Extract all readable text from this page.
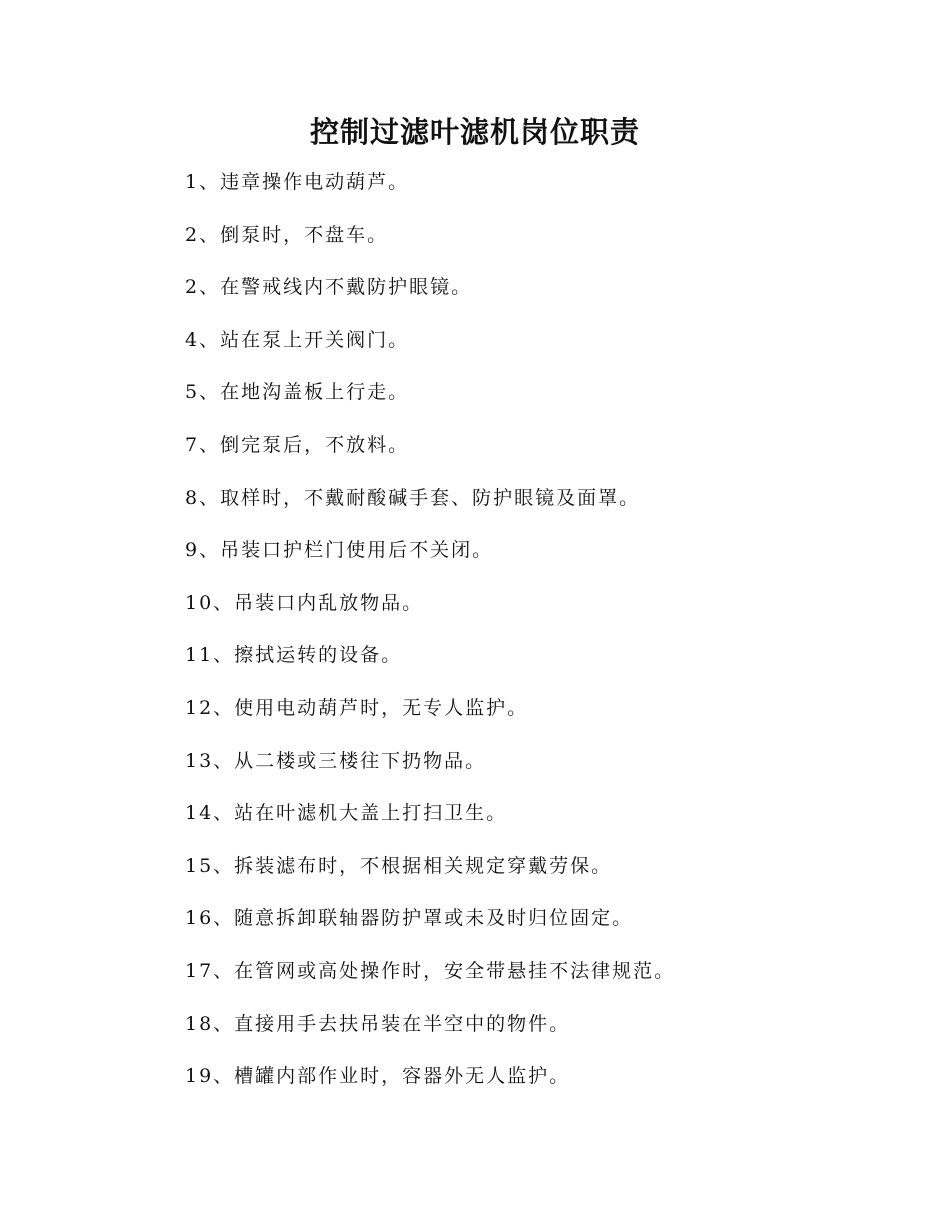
控制过滤叶滤机岗位职责
1、违章操作电动葫芦。
2、倒泵时，不盘车。
2、在警戒线内不戴防护眼镜。
4、站在泵上开关阀门。
5、在地沟盖板上行走。
7、倒完泵后，不放料。
8、取样时，不戴耐酸碱手套、防护眼镜及面罩。
9、吊装口护栏门使用后不关闭。
10、吊装口内乱放物品。
11、擦拭运转的设备。
12、使用电动葫芦时，无专人监护。
13、从二楼或三楼往下扔物品。
14、站在叶滤机大盖上打扫卫生。
15、拆装滤布时，不根据相关规定穿戴劳保。
16、随意拆卸联轴器防护罩或未及时归位固定。
17、在管网或高处操作时，安全带悬挂不法律规范。
18、直接用手去扶吊装在半空中的物件。
19、槽罐内部作业时，容器外无人监护。
